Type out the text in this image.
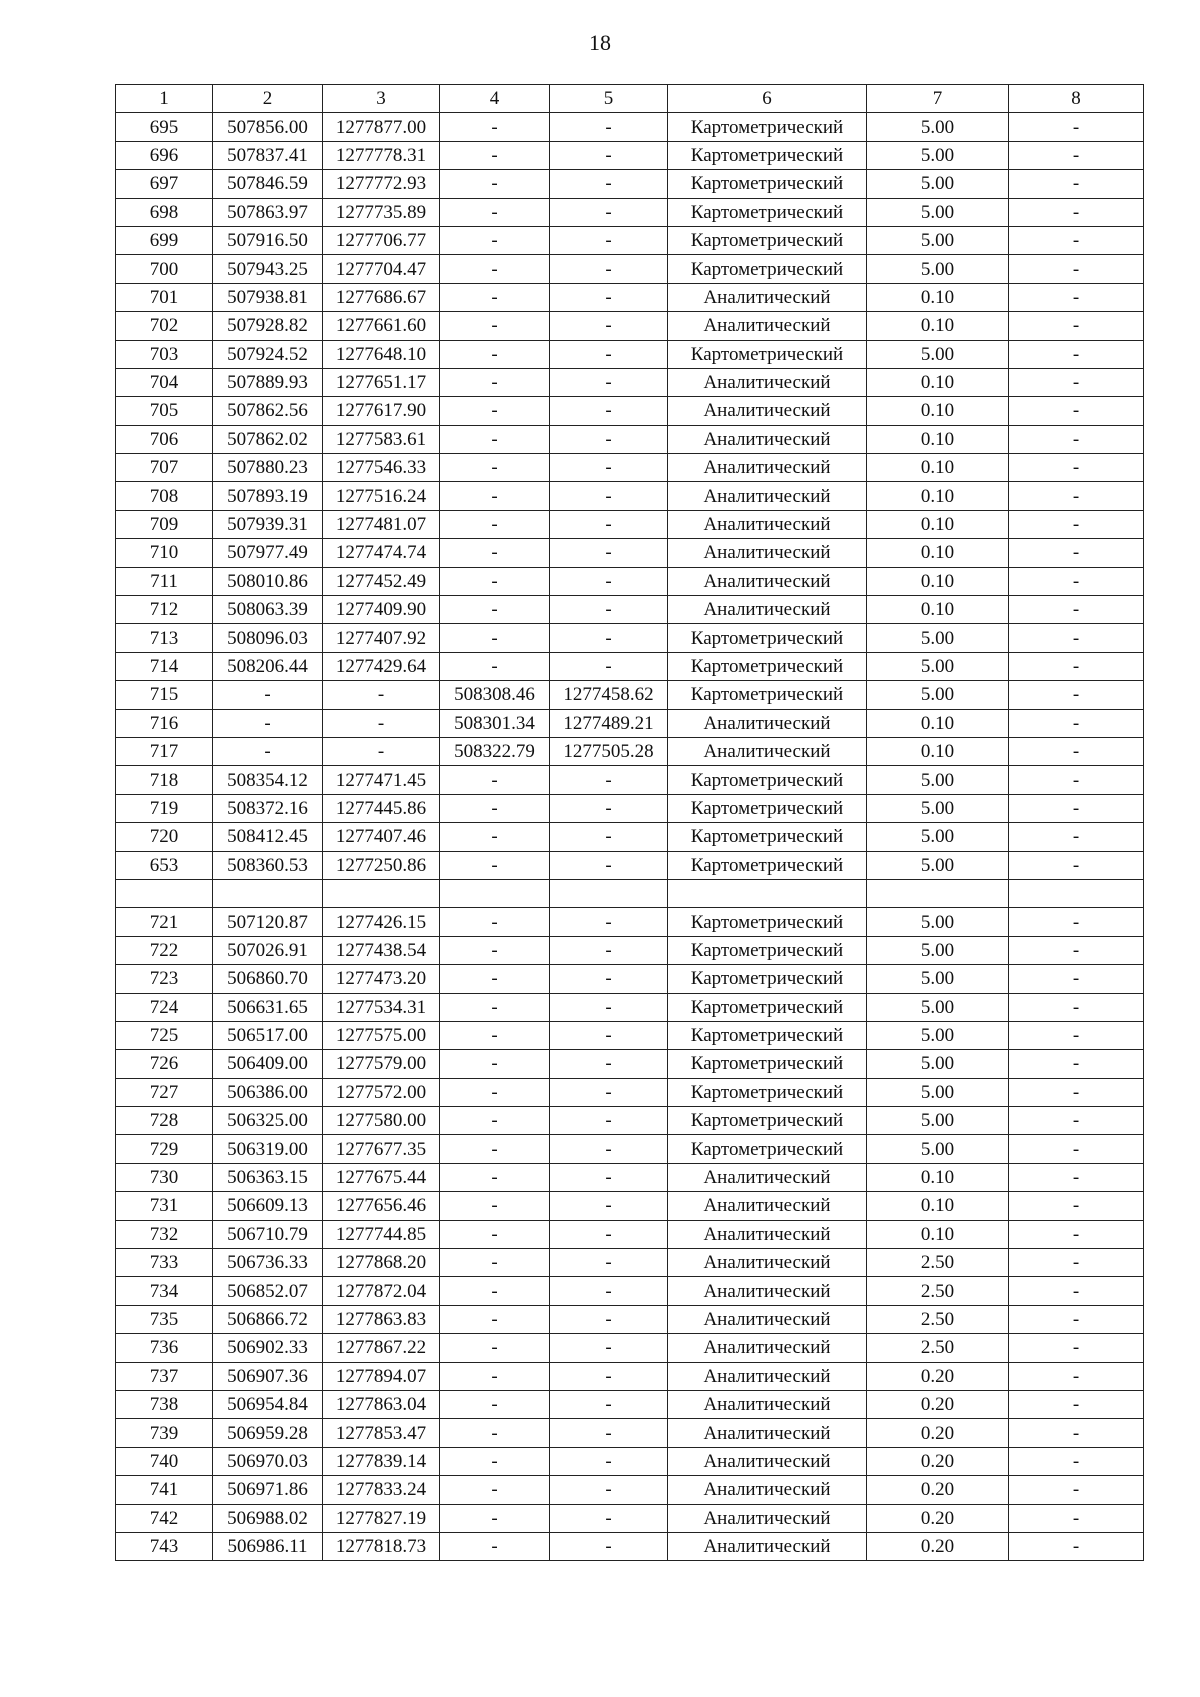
18
1	2	3	4	5	6	7	8
695	507856.00	1277877.00	-	-	Картометрический	5.00	-
696	507837.41	1277778.31	-	-	Картометрический	5.00	-
697	507846.59	1277772.93	-	-	Картометрический	5.00	-
698	507863.97	1277735.89	-	-	Картометрический	5.00	-
699	507916.50	1277706.77	-	-	Картометрический	5.00	-
700	507943.25	1277704.47	-	-	Картометрический	5.00	-
701	507938.81	1277686.67	-	-	Аналитический	0.10	-
702	507928.82	1277661.60	-	-	Аналитический	0.10	-
703	507924.52	1277648.10	-	-	Картометрический	5.00	-
704	507889.93	1277651.17	-	-	Аналитический	0.10	-
705	507862.56	1277617.90	-	-	Аналитический	0.10	-
706	507862.02	1277583.61	-	-	Аналитический	0.10	-
707	507880.23	1277546.33	-	-	Аналитический	0.10	-
708	507893.19	1277516.24	-	-	Аналитический	0.10	-
709	507939.31	1277481.07	-	-	Аналитический	0.10	-
710	507977.49	1277474.74	-	-	Аналитический	0.10	-
711	508010.86	1277452.49	-	-	Аналитический	0.10	-
712	508063.39	1277409.90	-	-	Аналитический	0.10	-
713	508096.03	1277407.92	-	-	Картометрический	5.00	-
714	508206.44	1277429.64	-	-	Картометрический	5.00	-
715	-	-	508308.46	1277458.62	Картометрический	5.00	-
716	-	-	508301.34	1277489.21	Аналитический	0.10	-
717	-	-	508322.79	1277505.28	Аналитический	0.10	-
718	508354.12	1277471.45	-	-	Картометрический	5.00	-
719	508372.16	1277445.86	-	-	Картометрический	5.00	-
720	508412.45	1277407.46	-	-	Картометрический	5.00	-
653	508360.53	1277250.86	-	-	Картометрический	5.00	-

721	507120.87	1277426.15	-	-	Картометрический	5.00	-
722	507026.91	1277438.54	-	-	Картометрический	5.00	-
723	506860.70	1277473.20	-	-	Картометрический	5.00	-
724	506631.65	1277534.31	-	-	Картометрический	5.00	-
725	506517.00	1277575.00	-	-	Картометрический	5.00	-
726	506409.00	1277579.00	-	-	Картометрический	5.00	-
727	506386.00	1277572.00	-	-	Картометрический	5.00	-
728	506325.00	1277580.00	-	-	Картометрический	5.00	-
729	506319.00	1277677.35	-	-	Картометрический	5.00	-
730	506363.15	1277675.44	-	-	Аналитический	0.10	-
731	506609.13	1277656.46	-	-	Аналитический	0.10	-
732	506710.79	1277744.85	-	-	Аналитический	0.10	-
733	506736.33	1277868.20	-	-	Аналитический	2.50	-
734	506852.07	1277872.04	-	-	Аналитический	2.50	-
735	506866.72	1277863.83	-	-	Аналитический	2.50	-
736	506902.33	1277867.22	-	-	Аналитический	2.50	-
737	506907.36	1277894.07	-	-	Аналитический	0.20	-
738	506954.84	1277863.04	-	-	Аналитический	0.20	-
739	506959.28	1277853.47	-	-	Аналитический	0.20	-
740	506970.03	1277839.14	-	-	Аналитический	0.20	-
741	506971.86	1277833.24	-	-	Аналитический	0.20	-
742	506988.02	1277827.19	-	-	Аналитический	0.20	-
743	506986.11	1277818.73	-	-	Аналитический	0.20	-
